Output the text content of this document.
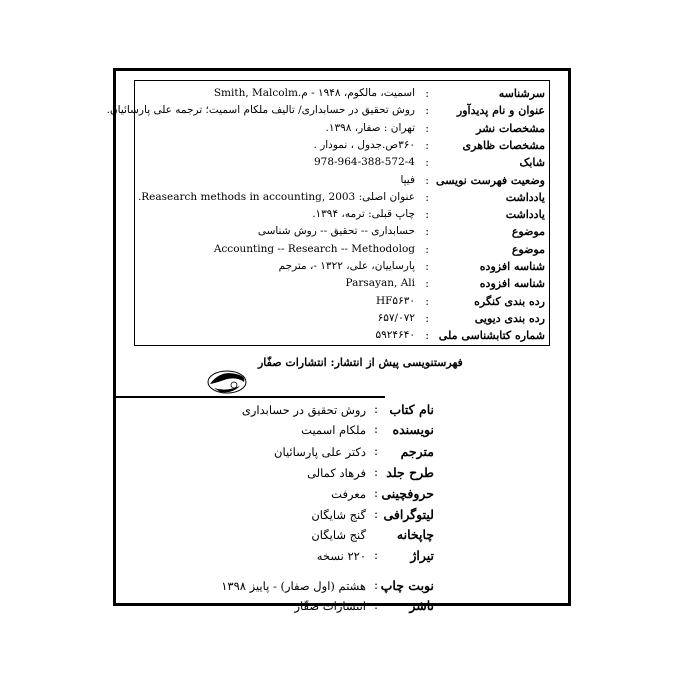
سرشناسه
:
اسمیت، مالکوم، ۱۹۴۸ - م.Smith, Malcolm
عنوان و نام پدیدآور
:
روش تحقیق در حسابداری/ تالیف ملکام اسمیت؛ ترجمه علی پارسائیان.
مشخصات نشر
:
تهران : صفار، ۱۳۹۸.
مشخصات ظاهری
:
۳۶۰ص.جدول ، نمودار .
شابک
:
978-964-388-572-4
وضعیت فهرست نویسی
:
فیپا
یادداشت
:
عنوان اصلی: Reasearch methods in accounting, 2003.
یادداشت
:
چاپ قبلی: ترمه، ۱۳۹۴.
موضوع
:
حسابداری -- تحقیق -- روش شناسی
موضوع
:
Accounting -- Research -- Methodolog
شناسه افزوده
:
پارساییان، علی، ۱۳۲۲ -، مترجم
شناسه افزوده
:
Parsayan, Ali
رده بندی کنگره
:
HF۵۶۳۰
رده بندی دیویی
:
۶۵۷/۰۷۲
شماره کتابشناسی ملی
:
۵۹۲۴۶۴۰
فهرستنویسی پیش از انتشار: انتشارات صفّار
نام کتاب
:
روش تحقیق در حسابداری
نویسنده
:
ملکام اسمیت
مترجم
:
دکتر علی پارسائیان
طرح جلد
:
فرهاد کمالی
حروفچینی
:
معرفت
لیتوگرافی
:
گنج شایگان
چاپخانه
گنج شایگان
تیراژ
:
۲۲۰ نسخه
نوبت چاپ
:
هشتم (اول صفار) - پاییز ۱۳۹۸
ناشر
:
انتشارات صفّار
